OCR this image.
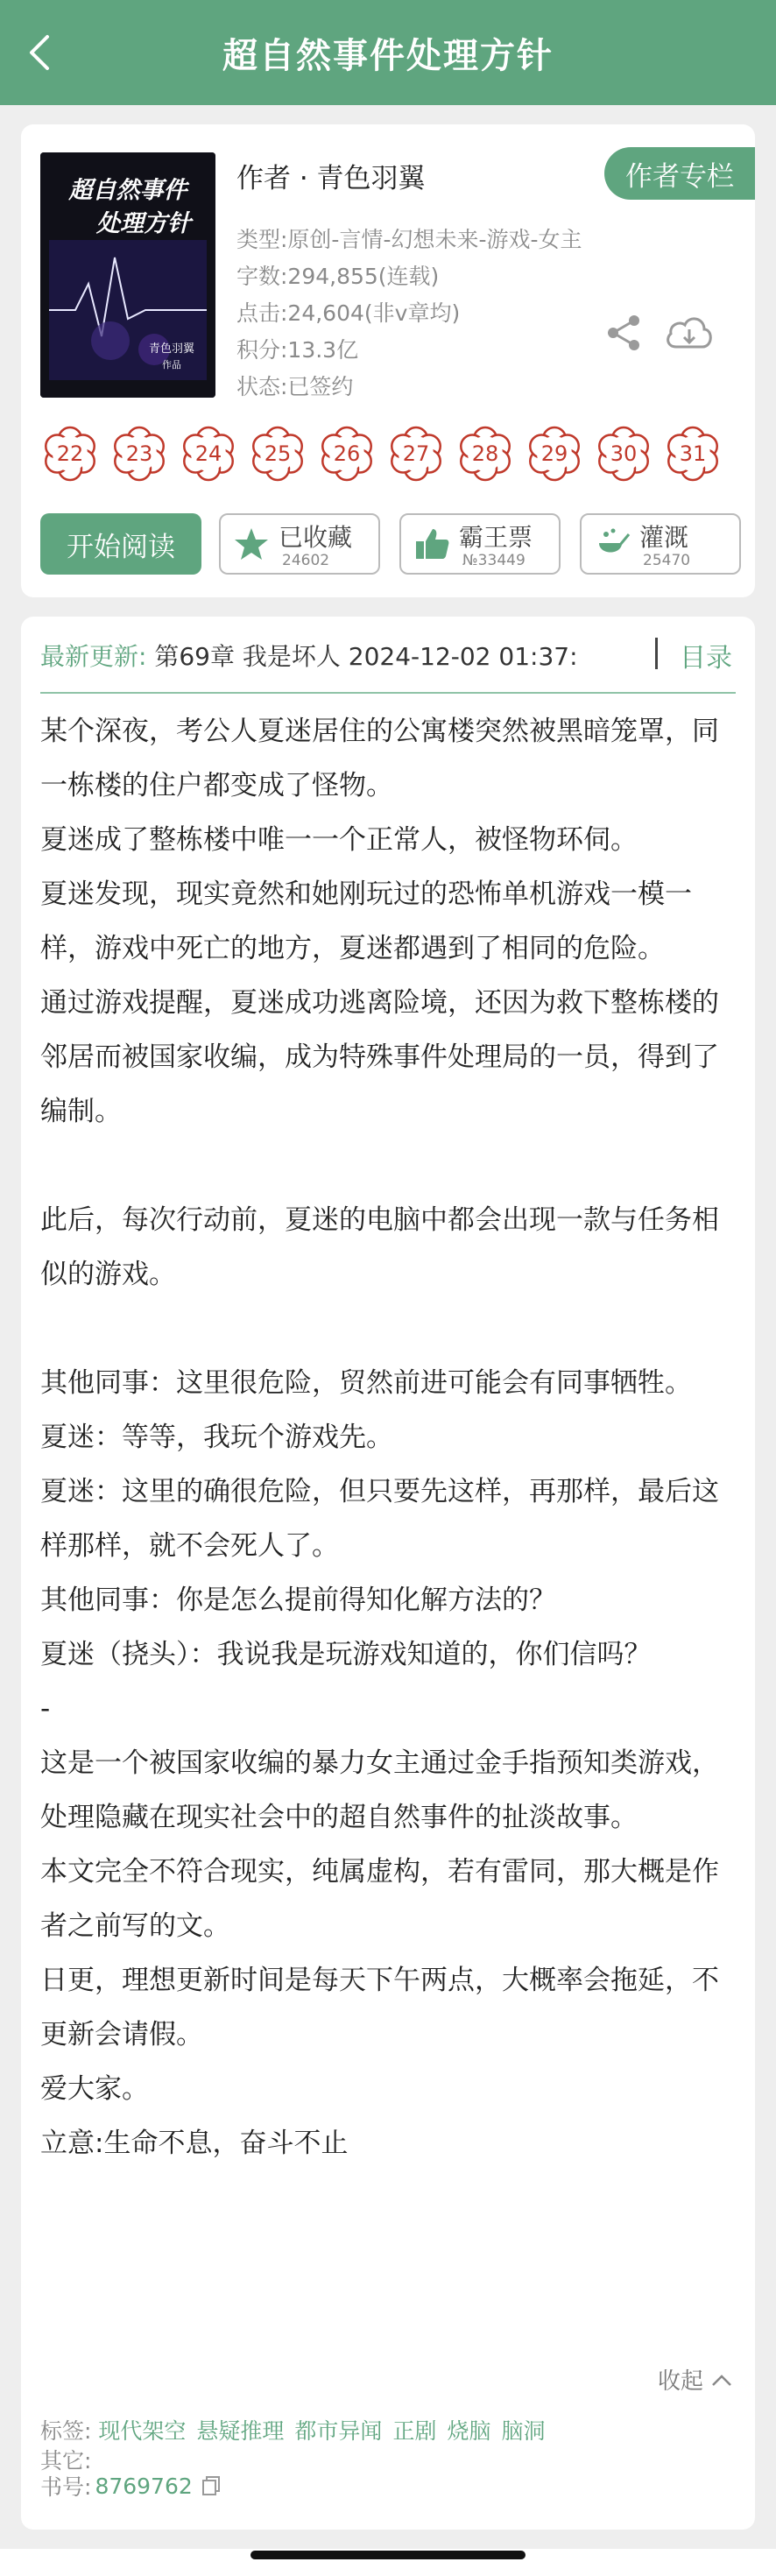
超自然事件处理方针
超自然事件
处理方针
青色羽翼
作品
作者 · 青色羽翼	作者专栏
类型:原创-言情-幻想未来-游戏-女主
字数:294,855(连载)
点击:24,604(非v章均)
积分:13.3亿
状态:已签约
22	23	24	25	26	27	28	29	30	31
开始阅读	已收藏
24602
霸王票
№33449
灌溉
25470
最新更新: 第69章 我是坏人 2024-12-02 01:37:	目录

某个深夜，考公人夏迷居住的公寓楼突然被黑暗笼罩，同一栋楼的住户都变成了怪物。

夏迷成了整栋楼中唯一一个正常人，被怪物环伺。

夏迷发现，现实竟然和她刚玩过的恐怖单机游戏一模一样，游戏中死亡的地方，夏迷都遇到了相同的危险。

通过游戏提醒，夏迷成功逃离险境，还因为救下整栋楼的邻居而被国家收编，成为特殊事件处理局的一员，得到了编制。

此后，每次行动前，夏迷的电脑中都会出现一款与任务相似的游戏。

其他同事：这里很危险，贸然前进可能会有同事牺牲。

夏迷：等等，我玩个游戏先。

夏迷：这里的确很危险，但只要先这样，再那样，最后这样那样，就不会死人了。

其他同事：你是怎么提前得知化解方法的？

夏迷（挠头）：我说我是玩游戏知道的，你们信吗？

-

这是一个被国家收编的暴力女主通过金手指预知类游戏，处理隐藏在现实社会中的超自然事件的扯淡故事。

本文完全不符合现实，纯属虚构，若有雷同，那大概是作者之前写的文。

日更，理想更新时间是每天下午两点，大概率会拖延，不更新会请假。

爱大家。

立意:生命不息，奋斗不止

收起
标签: 现代架空 悬疑推理 都市异闻 正剧 烧脑 脑洞
其它:
书号: 8769762
